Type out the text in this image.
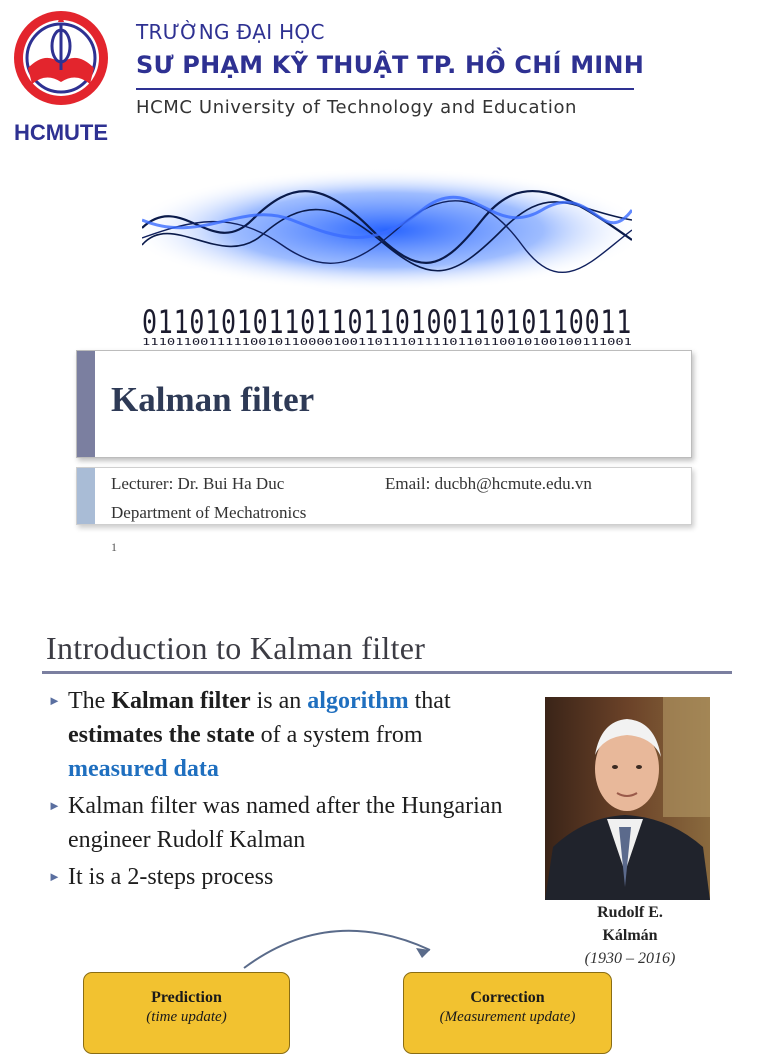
HCMUTE
TRƯỜNG ĐẠI HỌC
SƯ PHẠM KỸ THUẬT TP. HỒ CHÍ MINH
HCMC University of Technology and Education
0110101011011011010011010110011
11101100111110010110000100110111011110110110010100100111001
Kalman filter
Lecturer: Dr. Bui Ha Duc	Email: ducbh@hcmute.edu.vn
Department of Mechatronics
1
Introduction to Kalman filter
► The Kalman filter is an algorithm that estimates the state of a system from measured data
► Kalman filter was named after the Hungarian engineer Rudolf Kalman
► It is a 2-steps process
Rudolf E.
Kálmán
(1930 – 2016)
Prediction
(time update)
Correction
(Measurement update)
